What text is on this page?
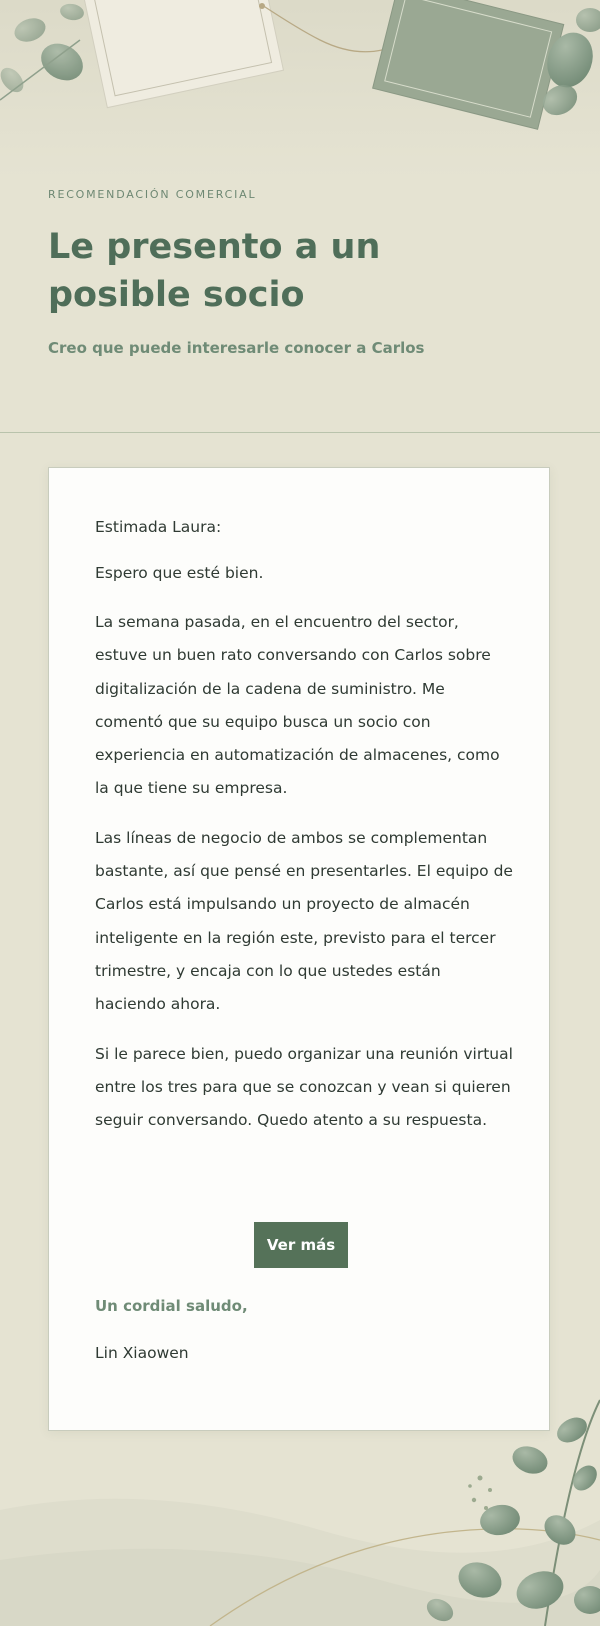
RECOMENDACIÓN COMERCIAL

Le presento a un posible socio

Creo que puede interesarle conocer a Carlos

Estimada Laura:

Espero que esté bien.

La semana pasada, en el encuentro del sector, estuve un buen rato conversando con Carlos sobre digitalización de la cadena de suministro. Me comentó que su equipo busca un socio con experiencia en automatización de almacenes, como la que tiene su empresa.

Las líneas de negocio de ambos se complementan bastante, así que pensé en presentarles. El equipo de Carlos está impulsando un proyecto de almacén inteligente en la región este, previsto para el tercer trimestre, y encaja con lo que ustedes están haciendo ahora.

Si le parece bien, puedo organizar una reunión virtual entre los tres para que se conozcan y vean si quieren seguir conversando. Quedo atento a su respuesta.

Ver más
Un cordial saludo,
Lin Xiaowen
